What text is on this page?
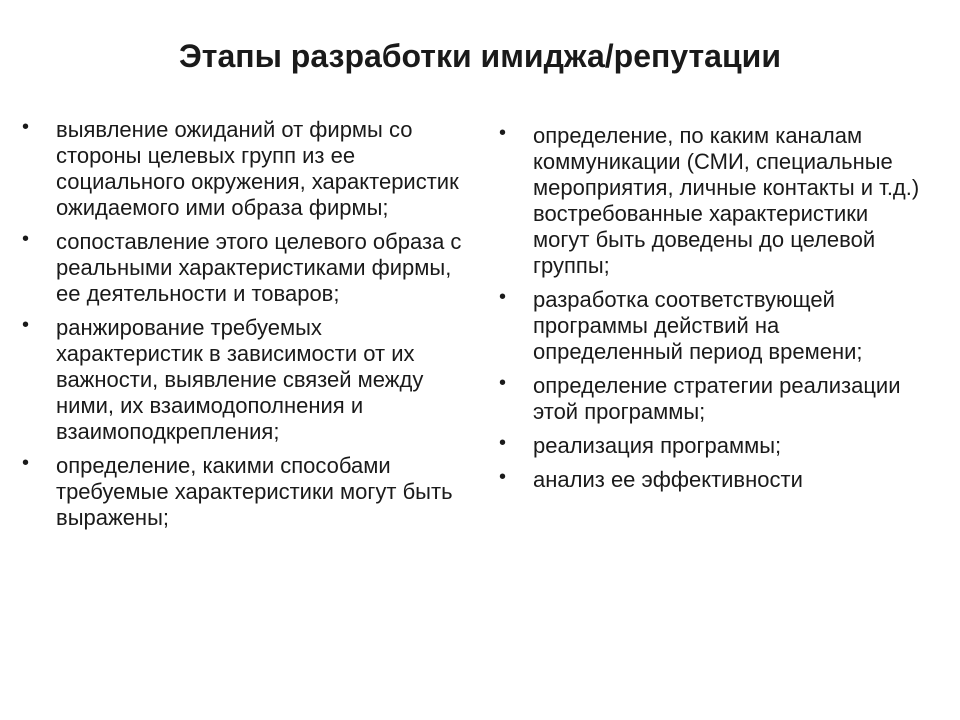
Этапы разработки имиджа/репутации
• выявление ожиданий от фирмы со стороны целевых групп из ее социального окружения, характеристик ожидаемого ими образа фирмы;
• сопоставление этого целевого образа с реальными характеристиками фирмы, ее деятельности и товаров;
• ранжирование требуемых характеристик в зависимости от их важности, выявление связей между ними, их взаимодополнения и взаимоподкрепления;
• определение, какими способами требуемые характеристики могут быть выражены;
• определение, по каким каналам коммуникации (СМИ, специальные мероприятия, личные контакты и т.д.) востребованные характеристики могут быть доведены до целевой группы;
• разработка соответствующей программы действий на определенный период времени;
• определение стратегии реализации этой программы;
• реализация программы;
• анализ ее эффективности
